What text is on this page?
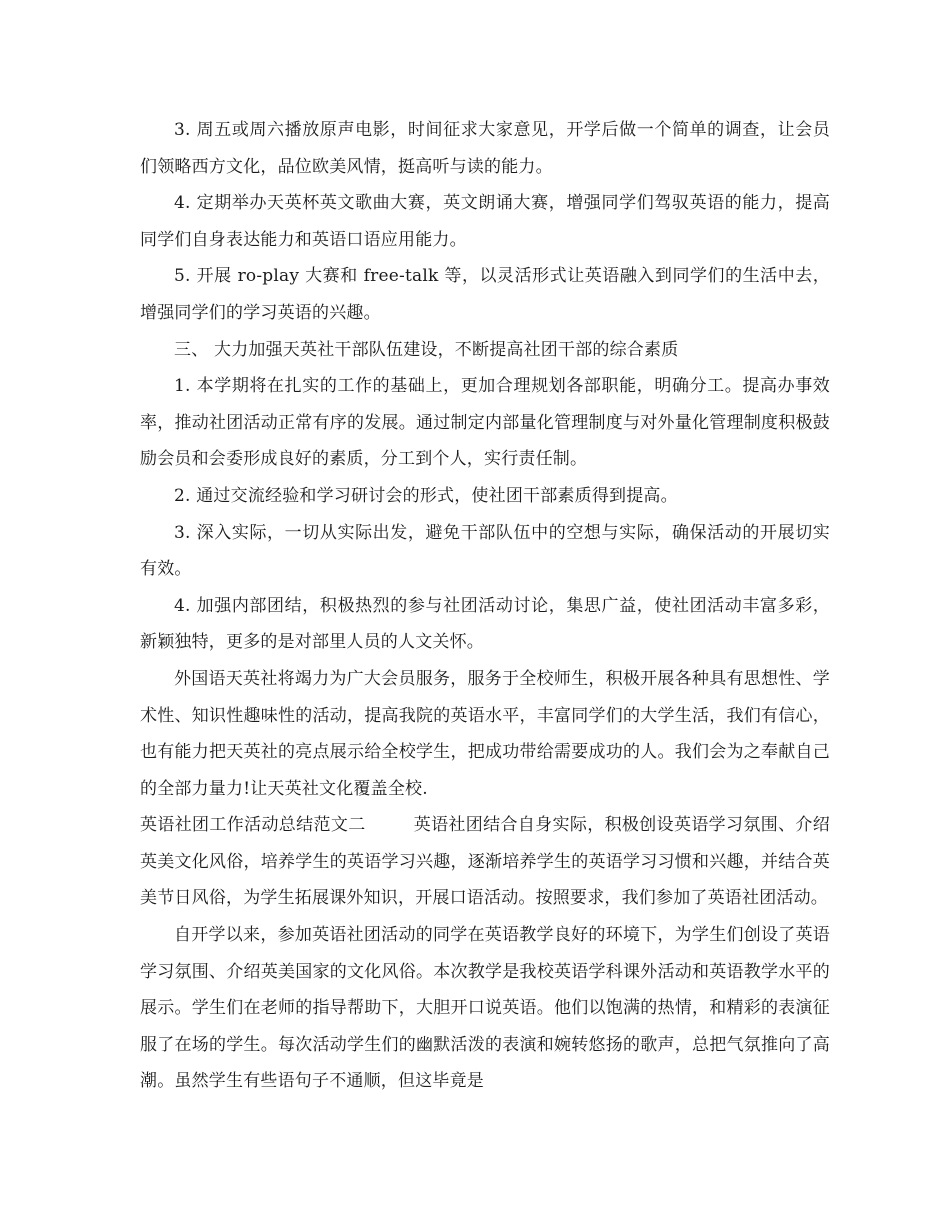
3. 周五或周六播放原声电影，时间征求大家意见，开学后做一个简单的调查，让会员们领略西方文化，品位欧美风情，挺高听与读的能力。

4. 定期举办天英杯英文歌曲大赛，英文朗诵大赛，增强同学们驾驭英语的能力，提高同学们自身表达能力和英语口语应用能力。

5. 开展 ro-play 大赛和 free-talk 等，以灵活形式让英语融入到同学们的生活中去，增强同学们的学习英语的兴趣。

三、 大力加强天英社干部队伍建设，不断提高社团干部的综合素质

1. 本学期将在扎实的工作的基础上，更加合理规划各部职能，明确分工。提高办事效率，推动社团活动正常有序的发展。通过制定内部量化管理制度与对外量化管理制度积极鼓励会员和会委形成良好的素质，分工到个人，实行责任制。

2. 通过交流经验和学习研讨会的形式，使社团干部素质得到提高。

3. 深入实际，一切从实际出发，避免干部队伍中的空想与实际，确保活动的开展切实有效。

4. 加强内部团结，积极热烈的参与社团活动讨论，集思广益，使社团活动丰富多彩，新颖独特，更多的是对部里人员的人文关怀。

外国语天英社将竭力为广大会员服务，服务于全校师生，积极开展各种具有思想性、学术性、知识性趣味性的活动，提高我院的英语水平，丰富同学们的大学生活，我们有信心，也有能力把天英社的亮点展示给全校学生，把成功带给需要成功的人。我们会为之奉献自己的全部力量力!让天英社文化覆盖全校.

英语社团工作活动总结范文二	英语社团结合自身实际，积极创设英语学习氛围、介绍英美文化风俗，培养学生的英语学习兴趣，逐渐培养学生的英语学习习惯和兴趣，并结合英美节日风俗，为学生拓展课外知识，开展口语活动。按照要求，我们参加了英语社团活动。

自开学以来，参加英语社团活动的同学在英语教学良好的环境下，为学生们创设了英语学习氛围、介绍英美国家的文化风俗。本次教学是我校英语学科课外活动和英语教学水平的展示。学生们在老师的指导帮助下，大胆开口说英语。他们以饱满的热情，和精彩的表演征服了在场的学生。每次活动学生们的幽默活泼的表演和婉转悠扬的歌声，总把气氛推向了高潮。虽然学生有些语句子不通顺，但这毕竟是
